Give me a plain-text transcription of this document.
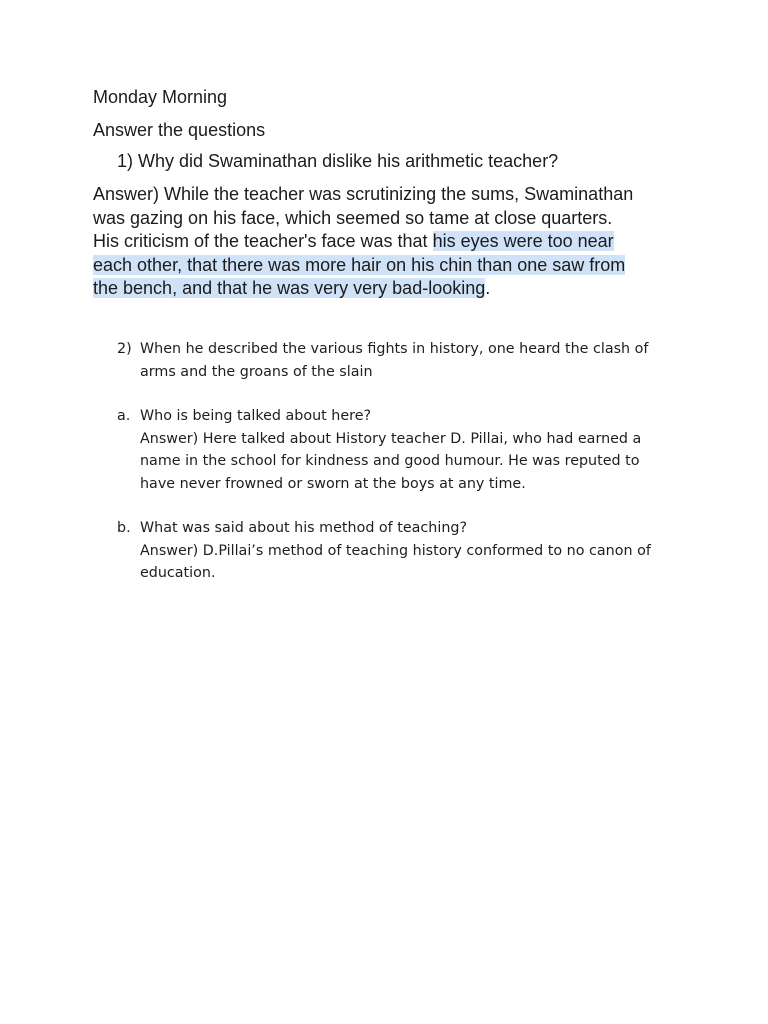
Monday Morning
Answer the questions
1) Why did Swaminathan dislike his arithmetic teacher?
Answer) While the teacher was scrutinizing the sums, Swaminathan
was gazing on his face, which seemed so tame at close quarters.
His criticism of the teacher's face was that his eyes were too near
each other, that there was more hair on his chin than one saw from
the bench, and that he was very very bad-looking.
2) When he described the various fights in history, one heard the clash of
arms and the groans of the slain
a. Who is being talked about here?
Answer) Here talked about History teacher D. Pillai, who had earned a
name in the school for kindness and good humour. He was reputed to
have never frowned or sworn at the boys at any time.
b. What was said about his method of teaching?
Answer) D.Pillai’s method of teaching history conformed to no canon of
education.
